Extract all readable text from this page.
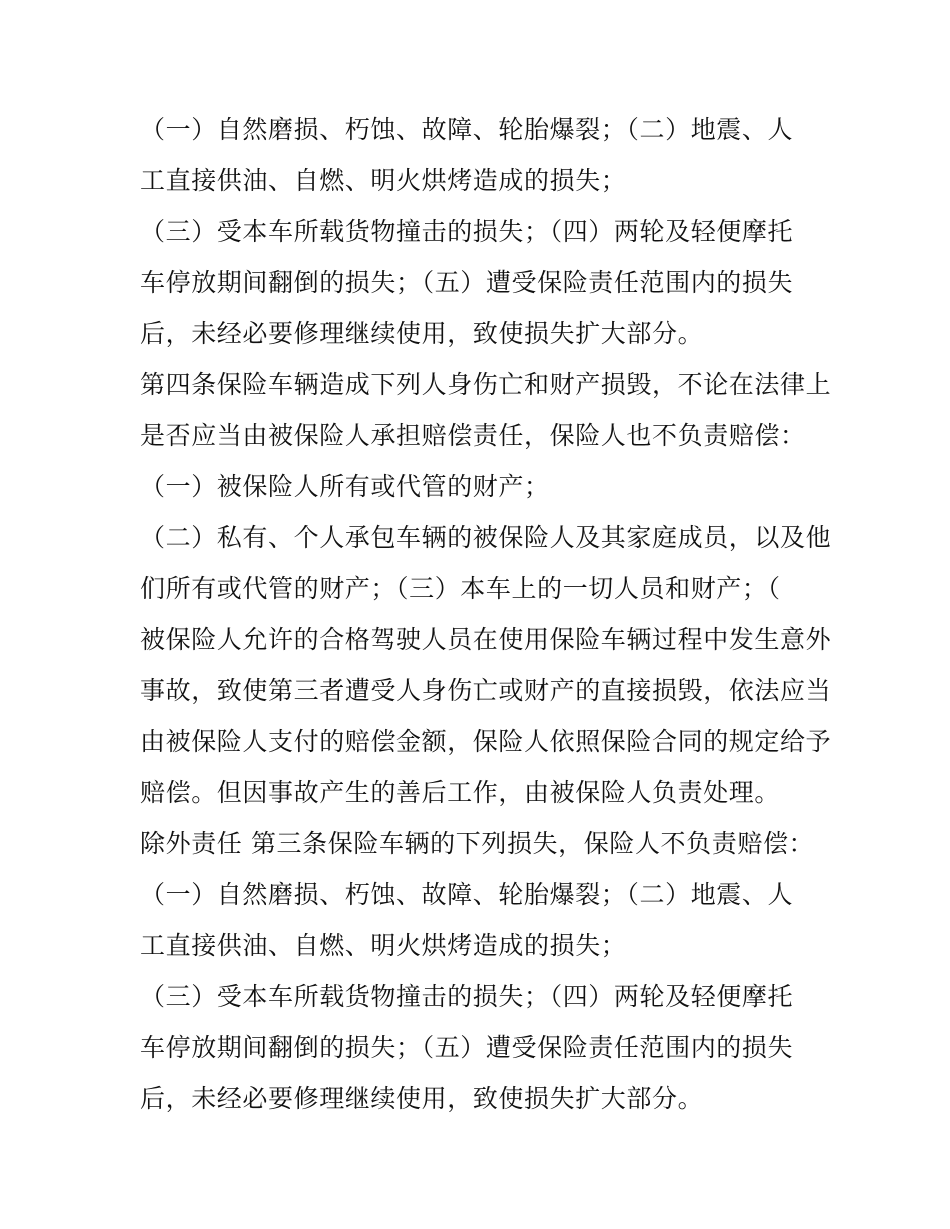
（一）自然磨损、朽蚀、故障、轮胎爆裂；（二）地震、人
工直接供油、自燃、明火烘烤造成的损失；
（三）受本车所载货物撞击的损失；（四）两轮及轻便摩托
车停放期间翻倒的损失；（五）遭受保险责任范围内的损失
后，未经必要修理继续使用，致使损失扩大部分。
第四条保险车辆造成下列人身伤亡和财产损毁，不论在法律上
是否应当由被保险人承担赔偿责任，保险人也不负责赔偿：
（一）被保险人所有或代管的财产；
（二）私有、个人承包车辆的被保险人及其家庭成员，以及他
们所有或代管的财产；（三）本车上的一切人员和财产；（
被保险人允许的合格驾驶人员在使用保险车辆过程中发生意外
事故，致使第三者遭受人身伤亡或财产的直接损毁，依法应当
由被保险人支付的赔偿金额，保险人依照保险合同的规定给予
赔偿。但因事故产生的善后工作，由被保险人负责处理。
除外责任 第三条保险车辆的下列损失，保险人不负责赔偿：
（一）自然磨损、朽蚀、故障、轮胎爆裂；（二）地震、人
工直接供油、自燃、明火烘烤造成的损失；
（三）受本车所载货物撞击的损失；（四）两轮及轻便摩托
车停放期间翻倒的损失；（五）遭受保险责任范围内的损失
后，未经必要修理继续使用，致使损失扩大部分。
